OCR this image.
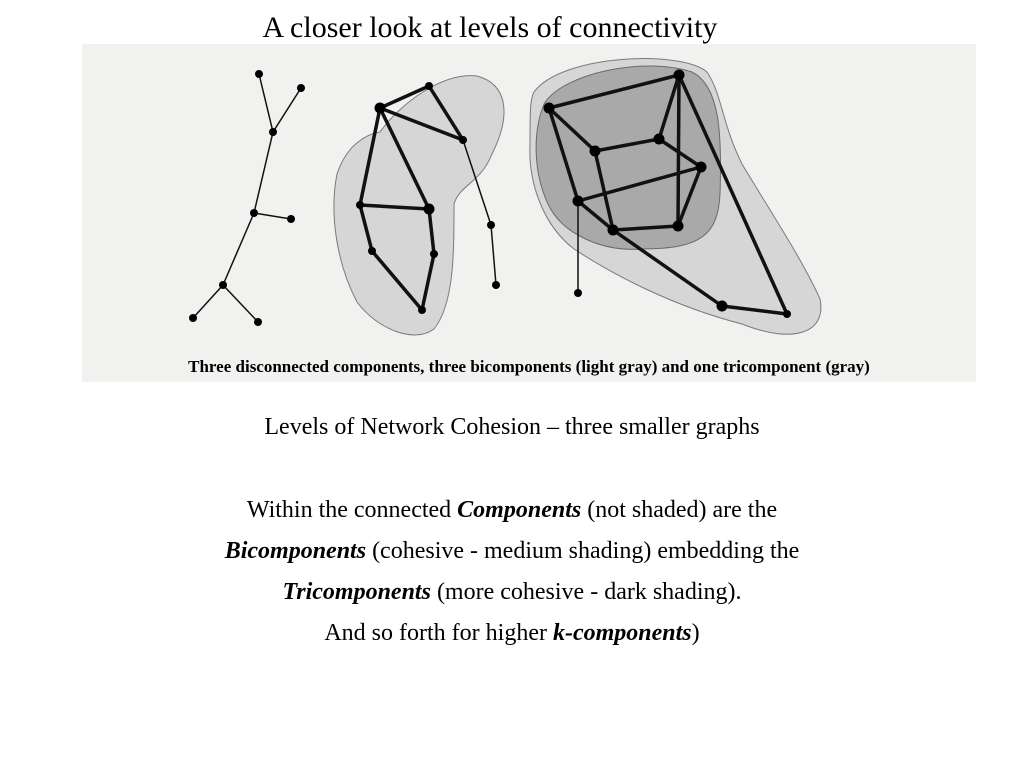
A closer look at levels of connectivity
Three disconnected components, three bicomponents (light gray) and one tricomponent (gray)
Levels of Network Cohesion – three smaller graphs
Within the connected Components (not shaded) are the
Bicomponents (cohesive - medium shading) embedding the
Tricomponents (more cohesive - dark shading).
And so forth for higher k-components)
